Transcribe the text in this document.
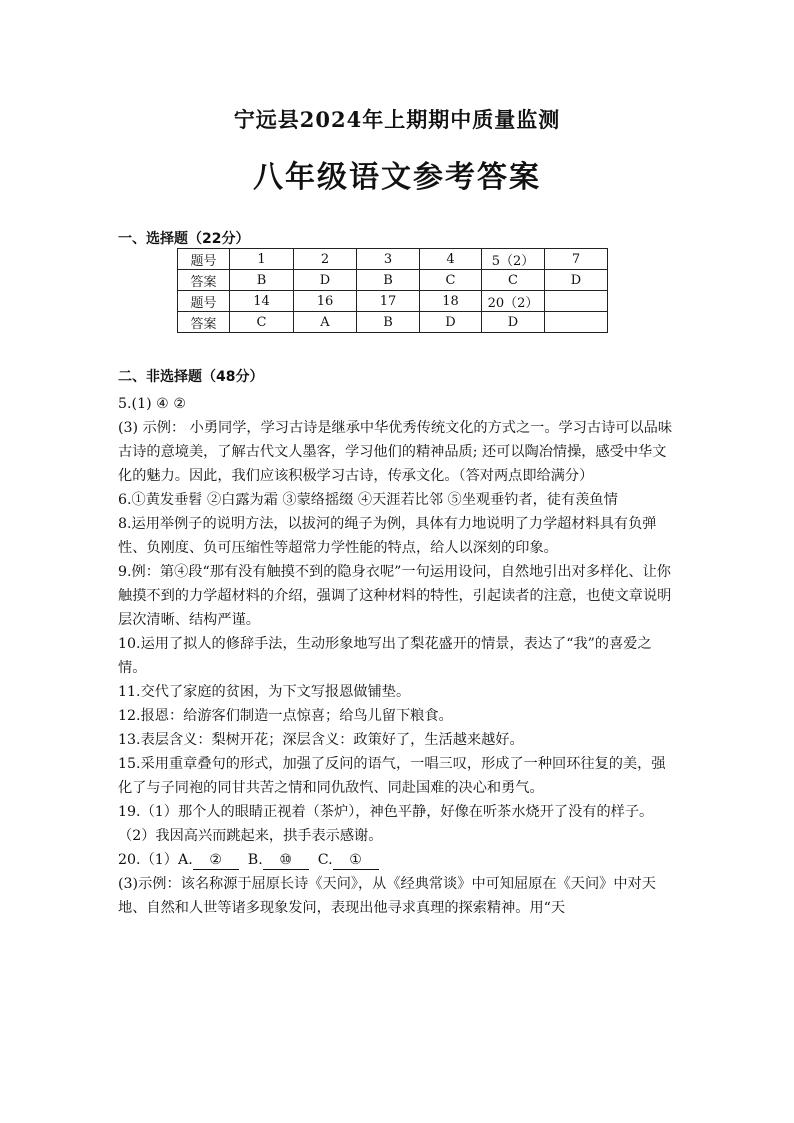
宁远县2024年上期期中质量监测
八年级语文参考答案
一、选择题（22分）
题号	1	2	3	4	5（2）	7
答案	B	D	B	C	C	D
题号	14	16	17	18	20（2）	
答案	C	A	B	D	D	
二、非选择题（48分）

5.(1) ④ ②

(3) 示例： 小勇同学，学习古诗是继承中华优秀传统文化的方式之一。学习古诗可以品味古诗的意境美，了解古代文人墨客，学习他们的精神品质; 还可以陶冶情操，感受中华文化的魅力。因此，我们应该积极学习古诗，传承文化。（答对两点即给满分）

6.①黄发垂髫 ②白露为霜 ③蒙络摇缀 ④天涯若比邻 ⑤坐观垂钓者，徒有羡鱼情

8.运用举例子的说明方法，以拔河的绳子为例，具体有力地说明了力学超材料具有负弹性、负刚度、负可压缩性等超常力学性能的特点，给人以深刻的印象。

9.例：第④段“那有没有触摸不到的隐身衣呢”一句运用设问，自然地引出对多样化、让你触摸不到的力学超材料的介绍，强调了这种材料的特性，引起读者的注意，也使文章说明层次清晰、结构严谨。

10.运用了拟人的修辞手法，生动形象地写出了梨花盛开的情景，表达了“我”的喜爱之情。

11.交代了家庭的贫困，为下文写报恩做铺垫。

12.报恩：给游客们制造一点惊喜；给鸟儿留下粮食。

13.表层含义：梨树开花；深层含义：政策好了，生活越来越好。

15.采用重章叠句的形式，加强了反问的语气，一唱三叹，形成了一种回环往复的美，强化了与子同袍的同甘共苦之情和同仇敌忾、同赴国难的决心和勇气。

19.（1）那个人的眼睛正视着（茶炉），神色平静，好像在听茶水烧开了没有的样子。

（2）我因高兴而跳起来，拱手表示感谢。

20.（1）A. ② B. ⑩ C. ①

(3)示例：该名称源于屈原长诗《天问》，从《经典常谈》中可知屈原在《天问》中对天地、自然和人世等诸多现象发问，表现出他寻求真理的探索精神。用“天
